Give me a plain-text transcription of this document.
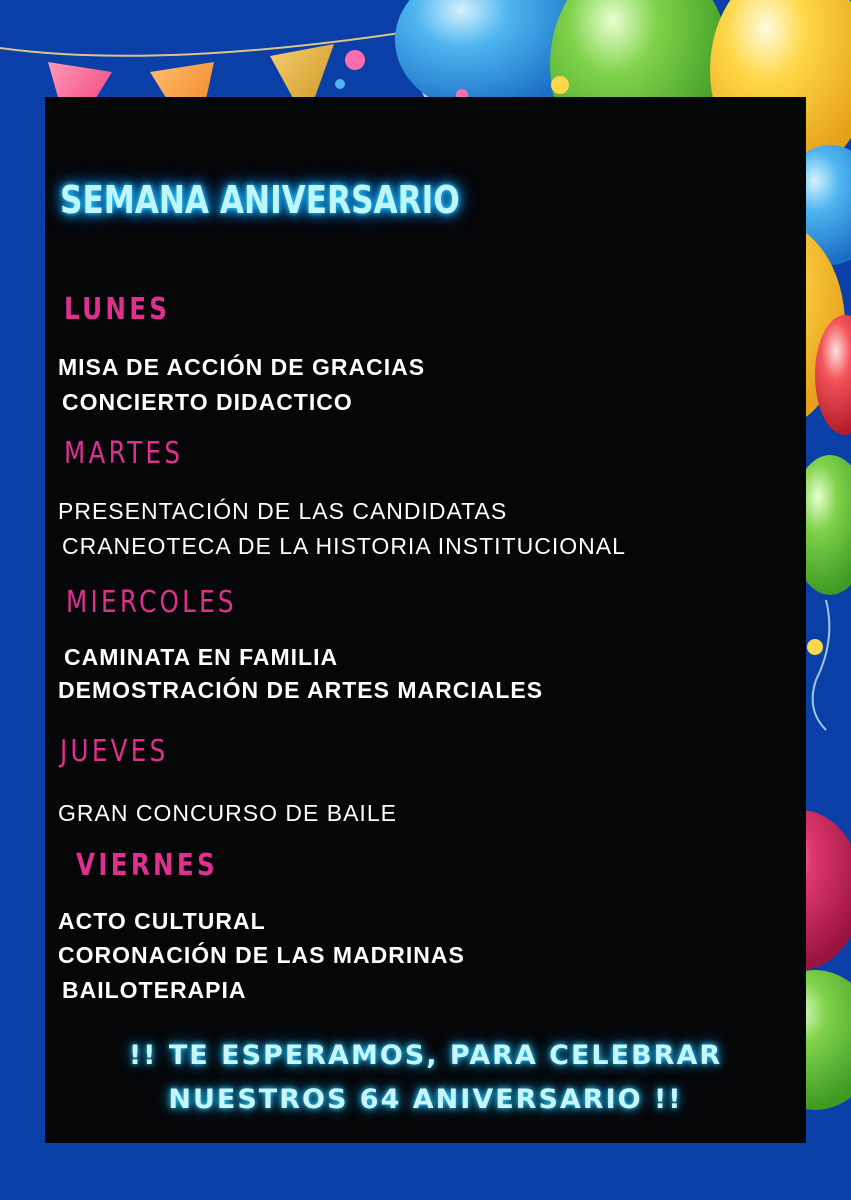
SEMANA ANIVERSARIO
LUNES
MISA DE ACCIÓN DE GRACIAS
CONCIERTO DIDACTICO
MARTES
PRESENTACIÓN DE LAS CANDIDATAS
CRANEOTECA DE LA HISTORIA INSTITUCIONAL
MIERCOLES
CAMINATA EN FAMILIA
DEMOSTRACIÓN DE ARTES MARCIALES
JUEVES
GRAN CONCURSO DE BAILE
VIERNES
ACTO CULTURAL
CORONACIÓN DE LAS MADRINAS
BAILOTERAPIA
!! TE ESPERAMOS, PARA CELEBRAR
NUESTROS 64 ANIVERSARIO !!
